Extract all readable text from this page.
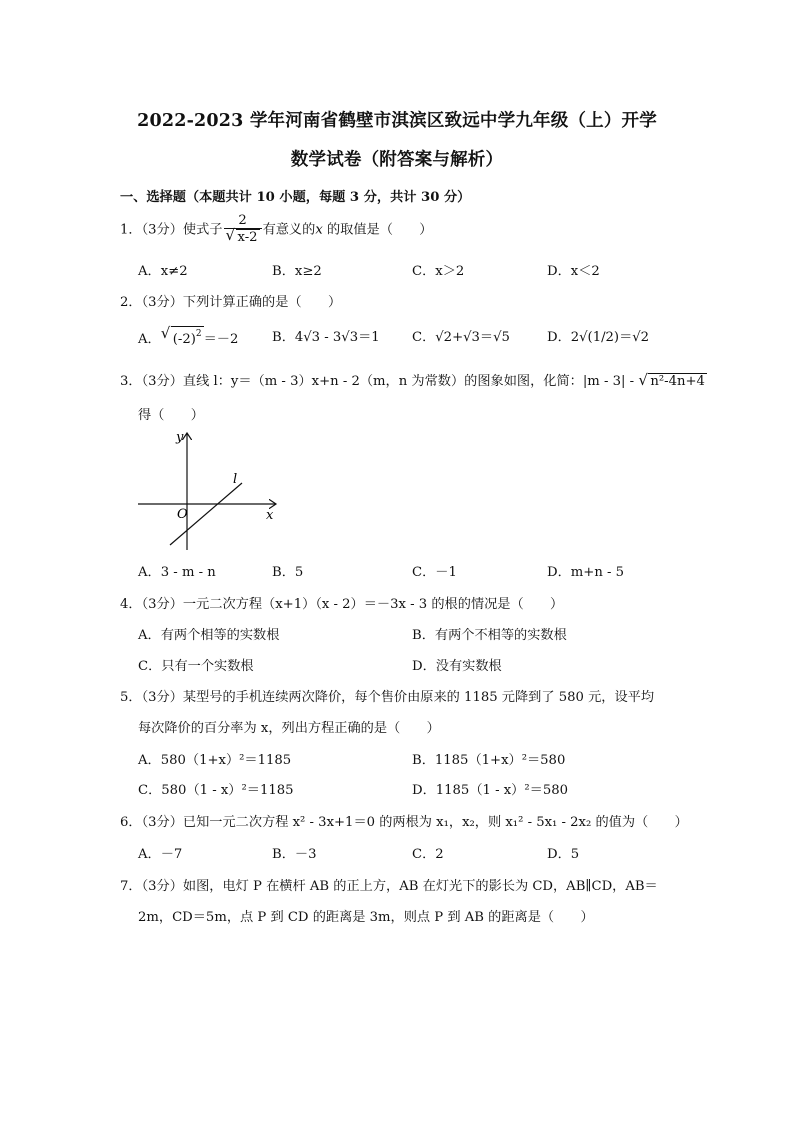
2022-2023 学年河南省鹤壁市淇滨区致远中学九年级（上）开学
数学试卷（附答案与解析）
一、选择题（本题共计 10 小题，每题 3 分，共计 30 分）
1．（3分）使式子 $\frac{2}{√ x-2}$ 有意义的x 的取值是（　　）
A．x≠2	B．x≥2	C．x＞2	D．x＜2
2．（3分）下列计算正确的是（　　）
A． √ $(-2)^2 =-2$	B．4√3 - 3√3＝1 C．√2+√3＝√5	D．2√(1/2)＝√2
3．（3分）直线 l：y＝（m - 3）x+n - 2（m，n 为常数）的图象如图，化简：|m - 3| - √ n²-4n+4
得（　　）
y
x
O
l
A．3 - m - n	B．5	C．－1	D．m+n - 5
4．（3分）一元二次方程（x+1）（x - 2）＝－3x - 3 的根的情况是（　　）
A．有两个相等的实数根	B．有两个不相等的实数根
C．只有一个实数根	D．没有实数根
5．（3分）某型号的手机连续两次降价，每个售价由原来的 1185 元降到了 580 元，设平均
每次降价的百分率为 x，列出方程正确的是（　　）
A．580（1+x）²＝1185	B．1185（1+x）²＝580
C．580（1 - x）²＝1185	D．1185（1 - x）²＝580
6．（3分）已知一元二次方程 x² - 3x+1＝0 的两根为 x₁，x₂，则 x₁² - 5x₁ - 2x₂ 的值为（　　）
A．－7	B．－3	C．2	D．5
7．（3分）如图，电灯 P 在横杆 AB 的正上方，AB 在灯光下的影长为 CD，AB∥CD，AB＝
2m，CD＝5m，点 P 到 CD 的距离是 3m，则点 P 到 AB 的距离是（　　）
